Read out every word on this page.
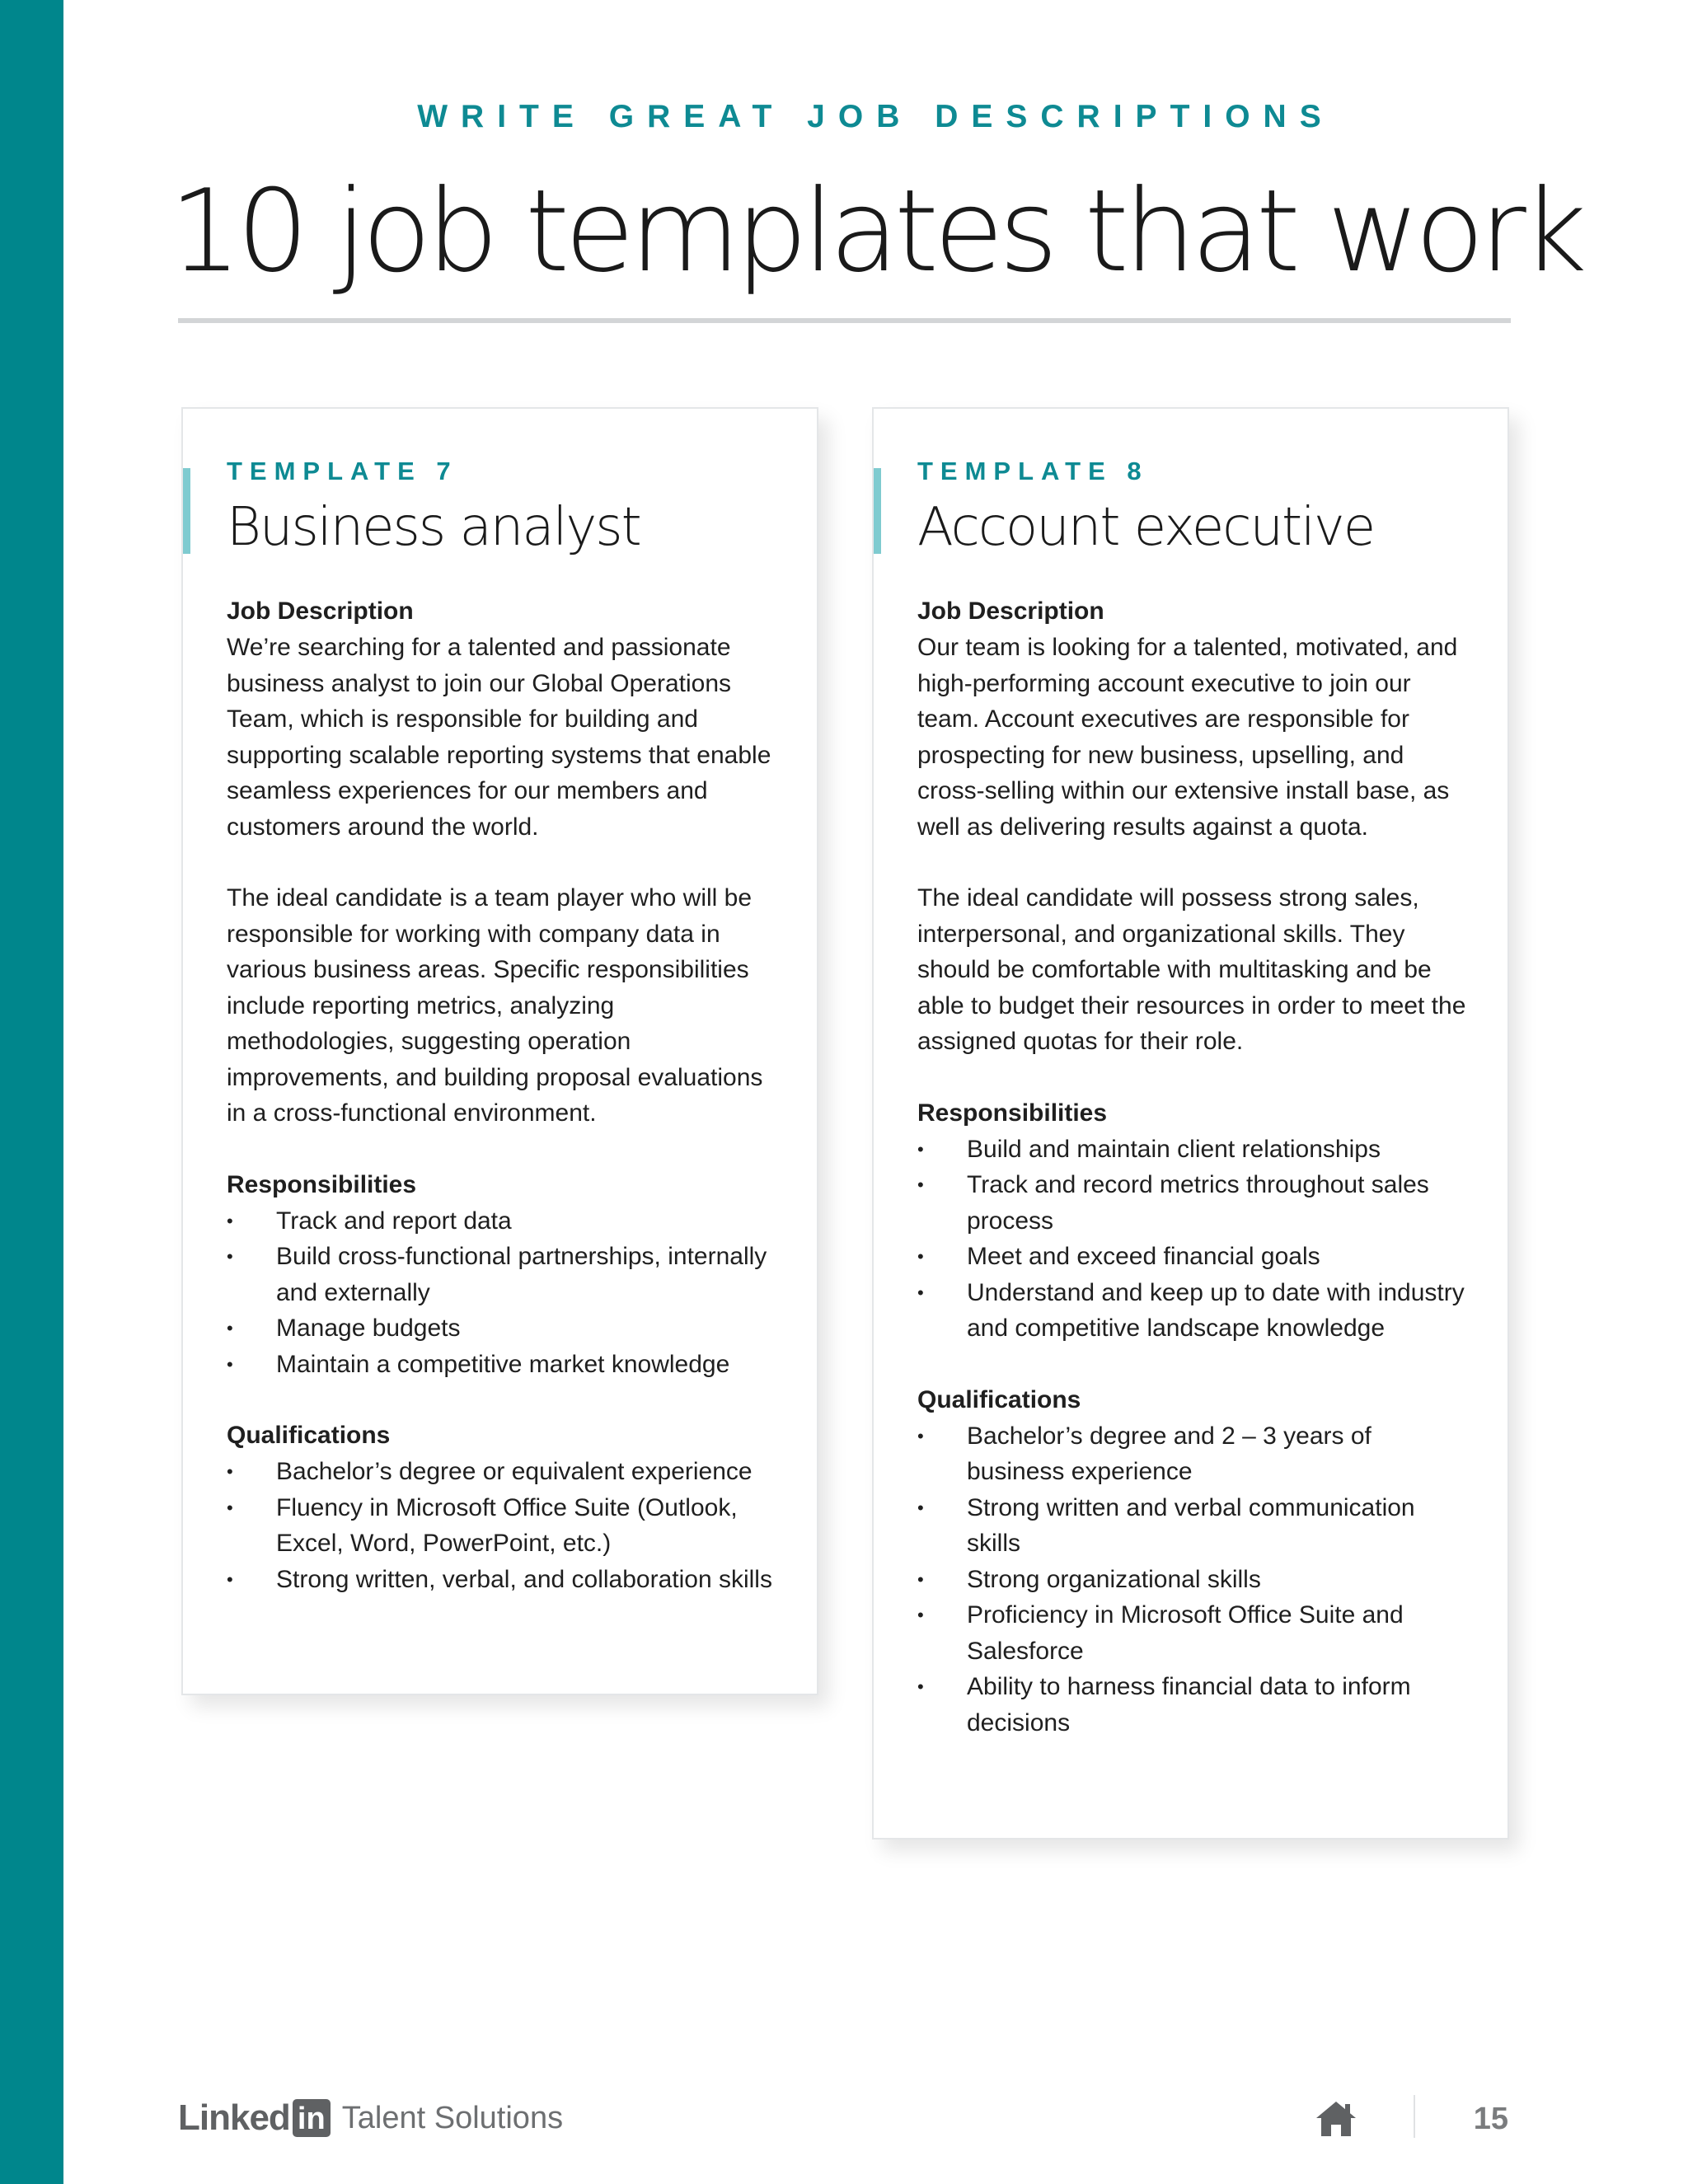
WRITE GREAT JOB DESCRIPTIONS
10 job templates that work

TEMPLATE 7

Business analyst

Job Description

We’re searching for a talented and passionate business analyst to join our Global Operations Team, which is responsible for building and supporting scalable reporting systems that enable seamless experiences for our members and customers around the world.

The ideal candidate is a team player who will be responsible for working with company data in various business areas. Specific responsibilities include reporting metrics, analyzing methodologies, suggesting operation improvements, and building proposal evaluations in a cross-functional environment.

Responsibilities

• Track and report data
• Build cross-functional partnerships, internally and externally
• Manage budgets
• Maintain a competitive market knowledge

Qualifications

• Bachelor’s degree or equivalent experience
• Fluency in Microsoft Office Suite (Outlook, Excel, Word, PowerPoint, etc.)
• Strong written, verbal, and collaboration skills

TEMPLATE 8

Account executive

Job Description

Our team is looking for a talented, motivated, and high-performing account executive to join our team. Account executives are responsible for prospecting for new business, upselling, and cross-selling within our extensive install base, as well as delivering results against a quota.

The ideal candidate will possess strong sales, interpersonal, and organizational skills. They should be comfortable with multitasking and be able to budget their resources in order to meet the assigned quotas for their role.

Responsibilities

• Build and maintain client relationships
• Track and record metrics throughout sales process
• Meet and exceed financial goals
• Understand and keep up to date with industry and competitive landscape knowledge

Qualifications

• Bachelor’s degree and 2 – 3 years of business experience
• Strong written and verbal communication skills
• Strong organizational skills
• Proficiency in Microsoft Office Suite and Salesforce
• Ability to harness financial data to inform decisions
Linked in Talent Solutions	15
